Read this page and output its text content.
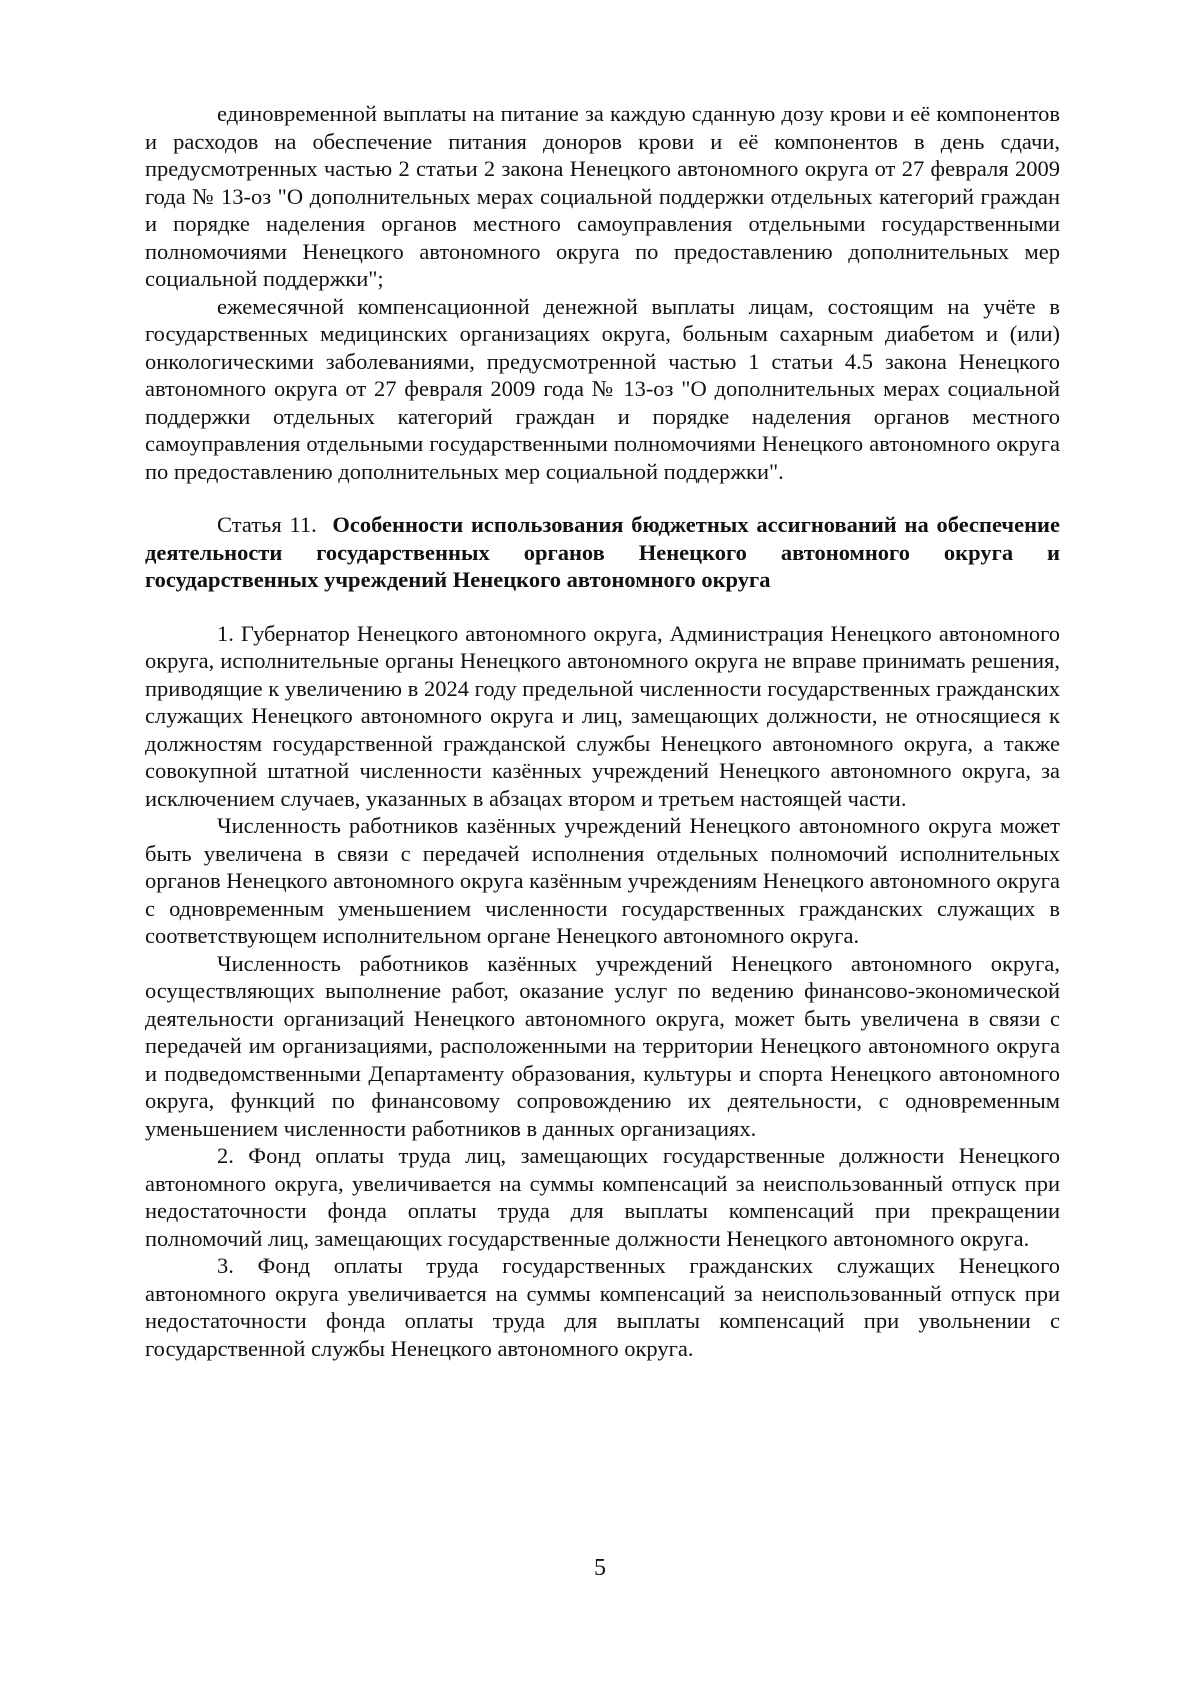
единовременной выплаты на питание за каждую сданную дозу крови и её компонентов и расходов на обеспечение питания доноров крови и её компонентов в день сдачи, предусмотренных частью 2 статьи 2 закона Ненецкого автономного округа от 27 февраля 2009 года № 13-оз "О дополнительных мерах социальной поддержки отдельных категорий граждан и порядке наделения органов местного самоуправления отдельными государственными полномочиями Ненецкого автономного округа по предоставлению дополнительных мер социальной поддержки";

ежемесячной компенсационной денежной выплаты лицам, состоящим на учёте в государственных медицинских организациях округа, больным сахарным диабетом и (или) онкологическими заболеваниями, предусмотренной частью 1 статьи 4.5 закона Ненецкого автономного округа от 27 февраля 2009 года № 13-оз "О дополнительных мерах социальной поддержки отдельных категорий граждан и порядке наделения органов местного самоуправления отдельными государственными полномочиями Ненецкого автономного округа по предоставлению дополнительных мер социальной поддержки".

Статья 11. Особенности использования бюджетных ассигнований на обеспечение деятельности государственных органов Ненецкого автономного округа и государственных учреждений Ненецкого автономного округа

1. Губернатор Ненецкого автономного округа, Администрация Ненецкого автономного округа, исполнительные органы Ненецкого автономного округа не вправе принимать решения, приводящие к увеличению в 2024 году предельной численности государственных гражданских служащих Ненецкого автономного округа и лиц, замещающих должности, не относящиеся к должностям государственной гражданской службы Ненецкого автономного округа, а также совокупной штатной численности казённых учреждений Ненецкого автономного округа, за исключением случаев, указанных в абзацах втором и третьем настоящей части.

Численность работников казённых учреждений Ненецкого автономного округа может быть увеличена в связи с передачей исполнения отдельных полномочий исполнительных органов Ненецкого автономного округа казённым учреждениям Ненецкого автономного округа с одновременным уменьшением численности государственных гражданских служащих в соответствующем исполнительном органе Ненецкого автономного округа.

Численность работников казённых учреждений Ненецкого автономного округа, осуществляющих выполнение работ, оказание услуг по ведению финансово-экономической деятельности организаций Ненецкого автономного округа, может быть увеличена в связи с передачей им организациями, расположенными на территории Ненецкого автономного округа и подведомственными Департаменту образования, культуры и спорта Ненецкого автономного округа, функций по финансовому сопровождению их деятельности, с одновременным уменьшением численности работников в данных организациях.

2. Фонд оплаты труда лиц, замещающих государственные должности Ненецкого автономного округа, увеличивается на суммы компенсаций за неиспользованный отпуск при недостаточности фонда оплаты труда для выплаты компенсаций при прекращении полномочий лиц, замещающих государственные должности Ненецкого автономного округа.

3. Фонд оплаты труда государственных гражданских служащих Ненецкого автономного округа увеличивается на суммы компенсаций за неиспользованный отпуск при недостаточности фонда оплаты труда для выплаты компенсаций при увольнении с государственной службы Ненецкого автономного округа.

5
